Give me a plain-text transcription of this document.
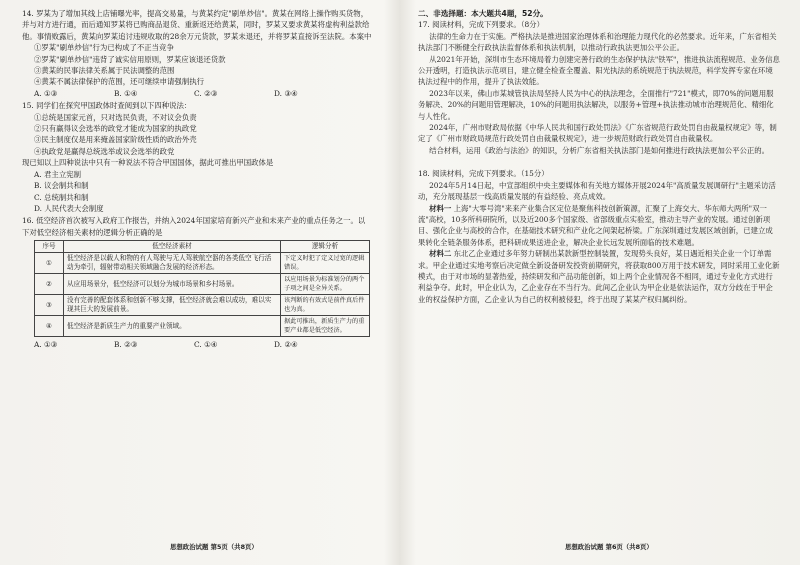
14. 罗某为了增加其线上店铺曝光率，提高交易量，与黄某约定"刷单炒信"。黄某在网络上操作购买货物，并与对方进行通，而后通知罗某将已购商品退货、重新返还给黄某，同时，罗某又要求黄某将虚构利益款给他。事情败露后，黄某向罗某追讨违规收取的28余万元货款，罗某未退还，并将罗某直接诉至法院。本案中

①罗某"刷单炒信"行为已构成了不正当竞争

②罗某"刷单炒信"违背了诚实信用原则，罗某应该退还货款

③黄某的民事法律关系属于民法调整的范围

④黄某不属法律保护的范围，还可继续申请强制执行

A. ①③	B. ①④	C. ②③	D. ③④

15. 同学们在探究甲国政体时查阅到以下四种说法：

①总统是国家元首，只对选民负责，不对议会负责

②只有赢得议会选举的政党才能成为国家的执政党

③民主制度仅是用来掩盖国家阶级性质的政治外壳

④执政党是赢得总统选举或议会选举的政党

现已知以上四种说法中只有一种说法不符合甲国国体，据此可推出甲国政体是

A. 君主立宪制

B. 议会制共和制

C. 总统制共和制

D. 人民代表大会制度

16. 低空经济首次被写入政府工作报告，并纳入2024年国家培育新兴产业和未来产业的重点任务之一。以下对低空经济相关素材的逻辑分析正确的是

序号	低空经济素材	逻辑分析
①	低空经济是以载人和物的有人驾驶与无人驾驶航空器的各类低空飞行活动为牵引，辐射带动相关领域融合发展的经济形态。	下定义时犯了定义过宽的逻辑错误。
②	从应用场景分，低空经济可以划分为城市场景和乡村场景。	以应用场景为标准划分的两个子项之间是全异关系。
③	没有完善的配套体系和创新不够支撑，低空经济就会难以成功，难以实现其巨大的发展前景。	该判断的有效式是前件真后件也为真。
④	低空经济是新质生产力的重要产业领域。	据此可推出，新质生产力的重要产业都是低空经济。
A. ①③	B. ②③	C. ①④	D. ②④
思想政治试题 第5页（共8页）

二、非选择题：本大题共4题，52分。

17. 阅读材料，完成下列要求。（8分）

法律的生命力在于实施。严格执法是推进国家治理体系和治理能力现代化的必然要求。近年来，广东省相关执法部门不断健全行政执法监督体系和执法机制，以推动行政执法更加公平公正。

从2021年开始，深圳市生态环境局着力创建完善行政的生态保护执法"铁军"，推进执法流程规范、业务信息公开透明，打造执法示范项目，建立健全检查全覆盖、阳光执法的系统规范于执法规范，科学发挥专家在环境执法过程中的作用，提升了执法效能。

2023年以来，佛山市某城管执法局坚持人民为中心的执法理念，全面推行"721"模式，即70%的问题用服务解决、20%的问题用管理解决，10%的问题用执法解决，以服务+管理+执法推动城市治理规范化、精细化与人性化。

2024年，广州市财政局依据《中华人民共和国行政处罚法》《广东省规范行政处罚自由裁量权规定》等，制定了《广州市财政局规范行政处罚自由裁量权规定》，进一步规范财政行政处罚自由裁量权。

结合材料，运用《政治与法治》的知识，分析广东省相关执法部门是如何推进行政执法更加公平公正的。

18. 阅读材料，完成下列要求。（15分）

2024年5月14日起，中宣部组织中央主要媒体和有关地方媒体开展2024年"高质量发展调研行"主题采访活动，充分展现基层一线高质量发展的有益经验、亮点成效。

材料一 上海"大零号湾"来来产业集合区定位是聚焦科技创新策源，汇聚了上海交大、华东师大两所"双一流"高校，10多所科研院所，以及近200多个国家级、省部级重点实验室，推动主导产业的发展。通过创新项目、强化企业与高校的合作，在基础技术研究和产业化之间架起桥梁。广东深圳通过发展区域创新，已建立成果转化全链条服务体系，把科研成果送进企业，解决企业长远发展所面临的技术难题。

材料二 东北乙企业通过多年努力研制出某款新型控制装置，发现势头良好，某日遇近相关企业一个订单需求。甲企业通过实地考察后决定做全新设备研发投资前期研究，将获取800万用于技术研发，同时采用工业化新模式，由于对市场的显著热爱，持续研发和产品功能创新，如上两个企业情况各不相同，通过专业化方式进行利益争夺。此时，甲企业认为，乙企业存在不当行为。此间乙企业认为甲企业是依法运作，双方分歧在于甲企业的权益保护方面，乙企业认为自己的权利被侵犯，终于出现了某某产权归属纠纷。

思想政治试题 第6页（共8页）
